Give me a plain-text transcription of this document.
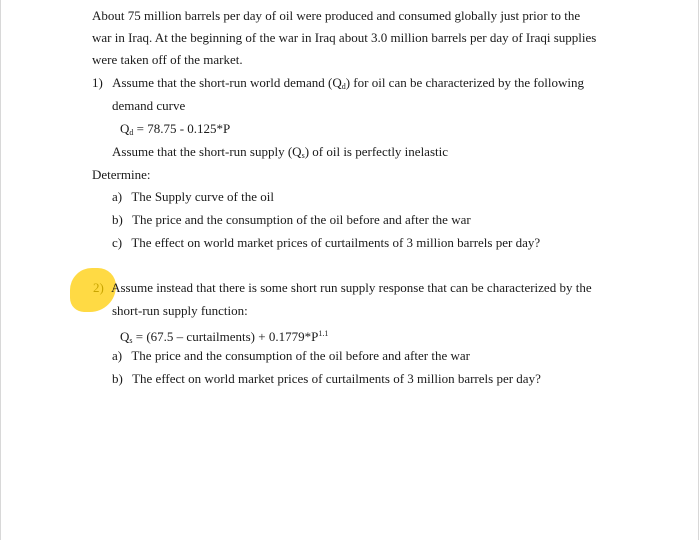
About 75 million barrels per day of oil were produced and consumed globally just prior to the
war in Iraq. At the beginning of the war in Iraq about 3.0 million barrels per day of Iraqi supplies
were taken off of the market.
1) Assume that the short-run world demand $(Q_d)$ for oil can be characterized by the following
demand curve
$Q_d = 78.75 - 0.125*P$
Assume that the short-run supply $(Q_s)$ of oil is perfectly inelastic
Determine:
a) The Supply curve of the oil
b) The price and the consumption of the oil before and after the war
c) The effect on world market prices of curtailments of 3 million barrels per day?
2) Assume instead that there is some short run supply response that can be characterized by the
short-run supply function:
$Q_s = (67.5$ – curtailments) + $0.1779*P^{1.1}$
a) The price and the consumption of the oil before and after the war
b) The effect on world market prices of curtailments of 3 million barrels per day?
